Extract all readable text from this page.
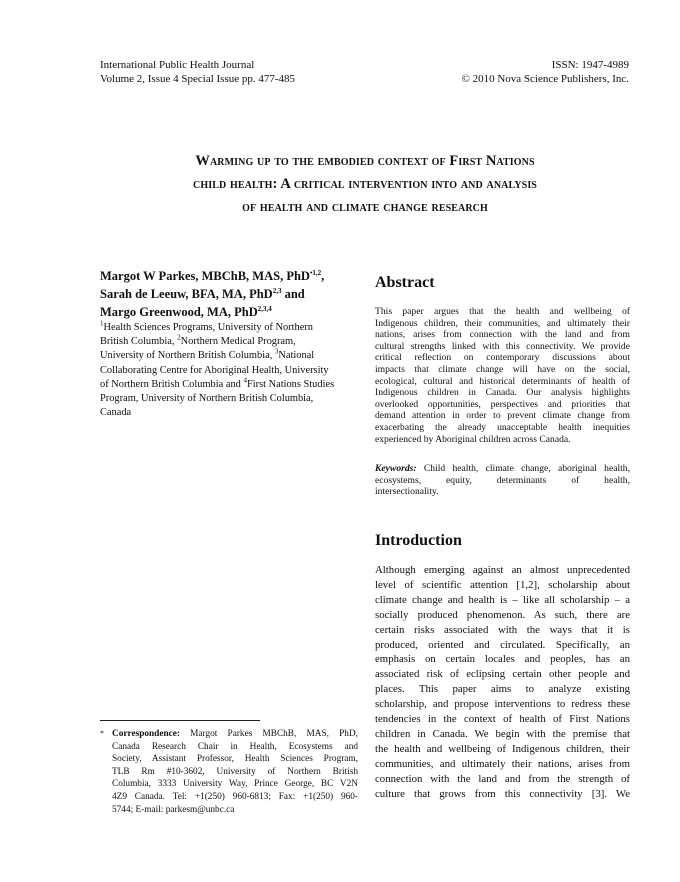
International Public Health Journal
Volume 2, Issue 4 Special Issue pp. 477-485
ISSN: 1947-4989
© 2010 Nova Science Publishers, Inc.
Warming up to the embodied context of First Nations
child health: A critical intervention into and analysis
of health and climate change research
Margot W Parkes, MBChB, MAS, PhD$^{•1,2}$,
Sarah de Leeuw, BFA, MA, PhD$^{2,3}$ and
Margo Greenwood, MA, PhD$^{2,3,4}$
$^1$Health Sciences Programs, University of Northern
British Columbia, $^2$Northern Medical Program,
University of Northern British Columbia, $^3$National
Collaborating Centre for Aboriginal Health, University
of Northern British Columbia and $^4$First Nations Studies
Program, University of Northern British Columbia,
Canada
* Correspondence: Margot Parkes MBChB, MAS, PhD,
Canada Research Chair in Health, Ecosystems and
Society, Assistant Professor, Health Sciences Program,
TLB Rm #10-3602, University of Northern British
Columbia, 3333 University Way, Prince George, BC V2N
4Z9 Canada. Tel: +1(250) 960-6813; Fax: +1(250) 960-
5744; E-mail: parkesm@unbc.ca
Abstract
This paper argues that the health and wellbeing of
Indigenous children, their communities, and ultimately their
nations, arises from connection with the land and from
cultural strengths linked with this connectivity. We provide
critical reflection on contemporary discussions about
impacts that climate change will have on the social,
ecological, cultural and historical determinants of health of
Indigenous children in Canada. Our analysis highlights
overlooked opportunities, perspectives and priorities that
demand attention in order to prevent climate change from
exacerbating the already unacceptable health inequities
experienced by Aboriginal children across Canada.
Keywords: Child health, climate change, aboriginal health,
ecosystems, equity, determinants of health,
intersectionality.
Introduction
Although emerging against an almost unprecedented
level of scientific attention [1,2], scholarship about
climate change and health is – like all scholarship – a
socially produced phenomenon. As such, there are
certain risks associated with the ways that it is
produced, oriented and circulated. Specifically, an
emphasis on certain locales and peoples, has an
associated risk of eclipsing certain other people and
places. This paper aims to analyze existing
scholarship, and propose interventions to redress these
tendencies in the context of health of First Nations
children in Canada. We begin with the premise that
the health and wellbeing of Indigenous children, their
communities, and ultimately their nations, arises from
connection with the land and from the strength of
culture that grows from this connectivity [3]. We
